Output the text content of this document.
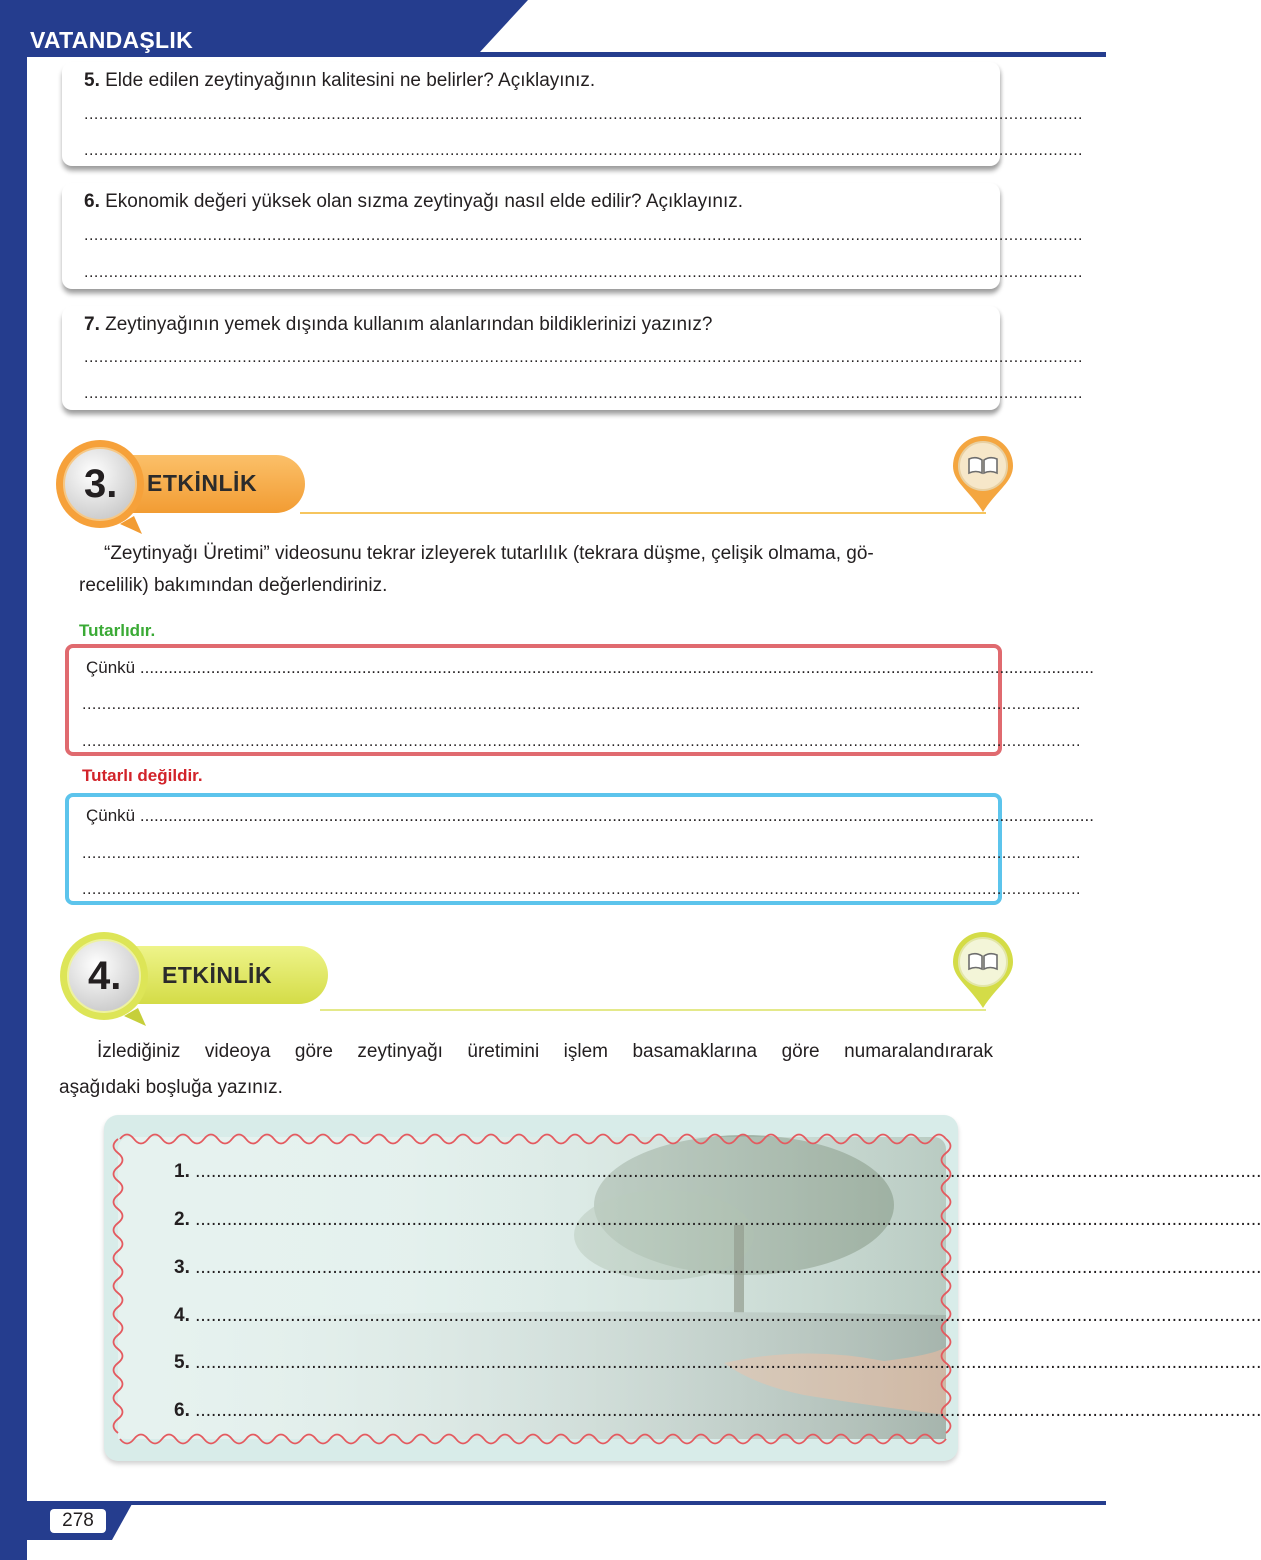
VATANDAŞLIK
5. Elde edilen zeytinyağının kalitesini ne belirler? Açıklayınız.
..........................................................................................................................................................................................................
..........................................................................................................................................................................................................
6. Ekonomik değeri yüksek olan sızma zeytinyağı nasıl elde edilir? Açıklayınız.
..........................................................................................................................................................................................................
..........................................................................................................................................................................................................
7. Zeytinyağının yemek dışında kullanım alanlarından bildiklerinizi yazınız?
..........................................................................................................................................................................................................
..........................................................................................................................................................................................................
3. ETKİNLİK
“Zeytinyağı Üretimi” videosunu tekrar izleyerek tutarlılık (tekrara düşme, çelişik olmama, gö-
recelilik) bakımından değerlendiriniz.
Tutarlıdır.
Çünkü ..........................................................................................................................................................................................................
..........................................................................................................................................................................................................
..........................................................................................................................................................................................................
Tutarlı değildir.
Çünkü ..........................................................................................................................................................................................................
..........................................................................................................................................................................................................
..........................................................................................................................................................................................................
4. ETKİNLİK
İzlediğiniz videoya göre zeytinyağı üretimini işlem basamaklarına göre numaralandırarak
aşağıdaki boşluğa yazınız.
1. ..........................................................................................................................................................................................................
2. ..........................................................................................................................................................................................................
3. ..........................................................................................................................................................................................................
4. ..........................................................................................................................................................................................................
5. ..........................................................................................................................................................................................................
6. ..........................................................................................................................................................................................................
278
